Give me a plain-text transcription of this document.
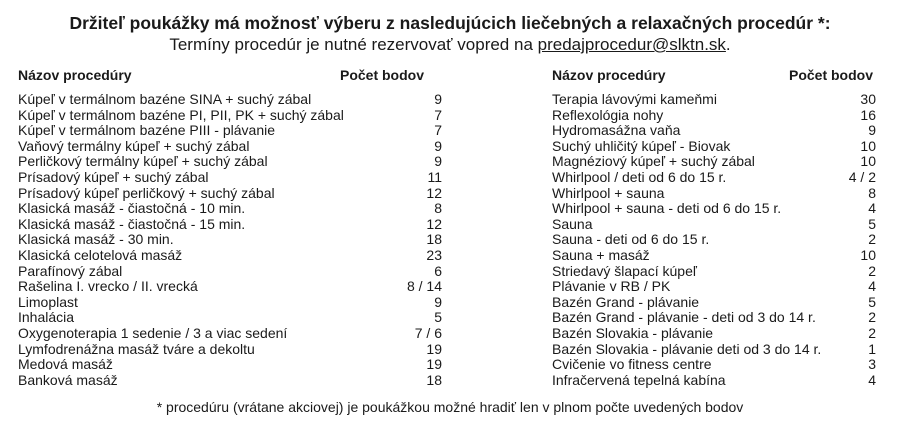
Držiteľ poukážky má možnosť výberu z nasledujúcich liečebných a relaxačných procedúr *:
Termíny procedúr je nutné rezervovať vopred na predajprocedur@slktn.sk.
Názov procedúry	Počet bodov
Kúpeľ v termálnom bazéne SINA + suchý zábal	9
Kúpeľ v termálnom bazéne PI, PII, PK + suchý zábal	7
Kúpeľ v termálnom bazéne PIII - plávanie	7
Vaňový termálny kúpeľ + suchý zábal	9
Perličkový termálny kúpeľ + suchý zábal	9
Prísadový kúpeľ + suchý zábal	11
Prísadový kúpeľ perličkový + suchý zábal	12
Klasická masáž - čiastočná - 10 min.	8
Klasická masáž - čiastočná - 15 min.	12
Klasická masáž - 30 min.	18
Klasická celotelová masáž	23
Parafínový zábal	6
Rašelina I. vrecko / II. vrecká	8 / 14
Limoplast	9
Inhalácia	5
Oxygenoterapia 1 sedenie / 3 a viac sedení	7 / 6
Lymfodrenážna masáž tváre a dekoltu	19
Medová masáž	19
Banková masáž	18
Názov procedúry	Počet bodov
Terapia lávovými kameňmi	30
Reflexológia nohy	16
Hydromasážna vaňa	9
Suchý uhličitý kúpeľ - Biovak	10
Magnéziový kúpeľ + suchý zábal	10
Whirlpool / deti od 6 do 15 r.	4 / 2
Whirlpool + sauna	8
Whirlpool + sauna - deti od 6 do 15 r.	4
Sauna	5
Sauna - deti od 6 do 15 r.	2
Sauna + masáž	10
Striedavý šlapací kúpeľ	2
Plávanie v RB / PK	4
Bazén Grand - plávanie	5
Bazén Grand - plávanie - deti od 3 do 14 r.	2
Bazén Slovakia - plávanie	2
Bazén Slovakia - plávanie deti od 3 do 14 r.	1
Cvičenie vo fitness centre	3
Infračervená tepelná kabína	4
* procedúru (vrátane akciovej) je poukážkou možné hradiť len v plnom počte uvedených bodov
